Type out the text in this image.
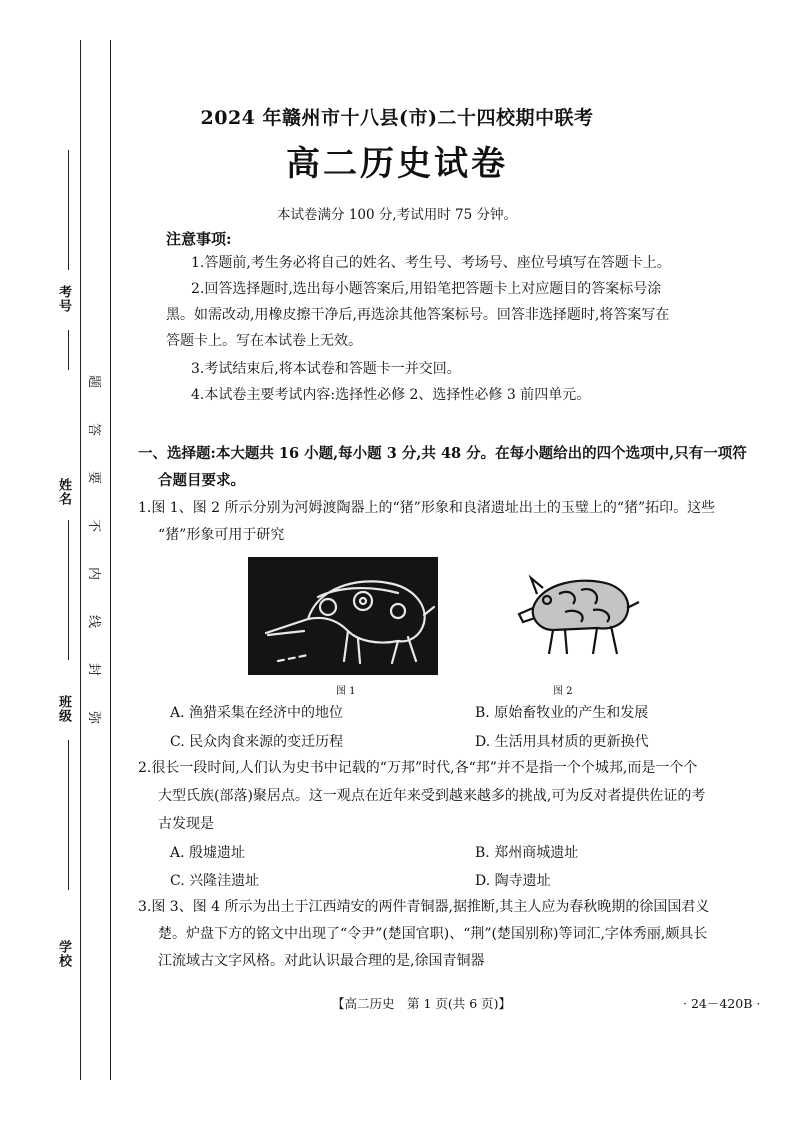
考号
姓名
班级
学校
题
答
要
不
内
线
封
弥
2024 年赣州市十八县(市)二十四校期中联考
高二历史试卷
本试卷满分 100 分,考试用时 75 分钟。
注意事项:
1.答题前,考生务必将自己的姓名、考生号、考场号、座位号填写在答题卡上。
2.回答选择题时,选出每小题答案后,用铅笔把答题卡上对应题目的答案标号涂
黑。如需改动,用橡皮擦干净后,再选涂其他答案标号。回答非选择题时,将答案写在
答题卡上。写在本试卷上无效。
3.考试结束后,将本试卷和答题卡一并交回。
4.本试卷主要考试内容:选择性必修 2、选择性必修 3 前四单元。
一、选择题:本大题共 16 小题,每小题 3 分,共 48 分。在每小题给出的四个选项中,只有一项符
合题目要求。
1.图 1、图 2 所示分别为河姆渡陶器上的“猪”形象和良渚遗址出土的玉璧上的“猪”拓印。这些
“猪”形象可用于研究
图 1	图 2
A. 渔猎采集在经济中的地位	B. 原始畜牧业的产生和发展
C. 民众肉食来源的变迁历程	D. 生活用具材质的更新换代
2.很长一段时间,人们认为史书中记载的“万邦”时代,各“邦”并不是指一个个城邦,而是一个个
大型氏族(部落)聚居点。这一观点在近年来受到越来越多的挑战,可为反对者提供佐证的考
古发现是
A. 殷墟遗址	B. 郑州商城遗址
C. 兴隆洼遗址	D. 陶寺遗址
3.图 3、图 4 所示为出土于江西靖安的两件青铜器,据推断,其主人应为春秋晚期的徐国国君义
楚。炉盘下方的铭文中出现了“令尹”(楚国官职)、“荆”(楚国别称)等词汇,字体秀丽,颇具长
江流域古文字风格。对此认识最合理的是,徐国青铜器
【高二历史　第 1 页(共 6 页)】	· 24－420B ·
